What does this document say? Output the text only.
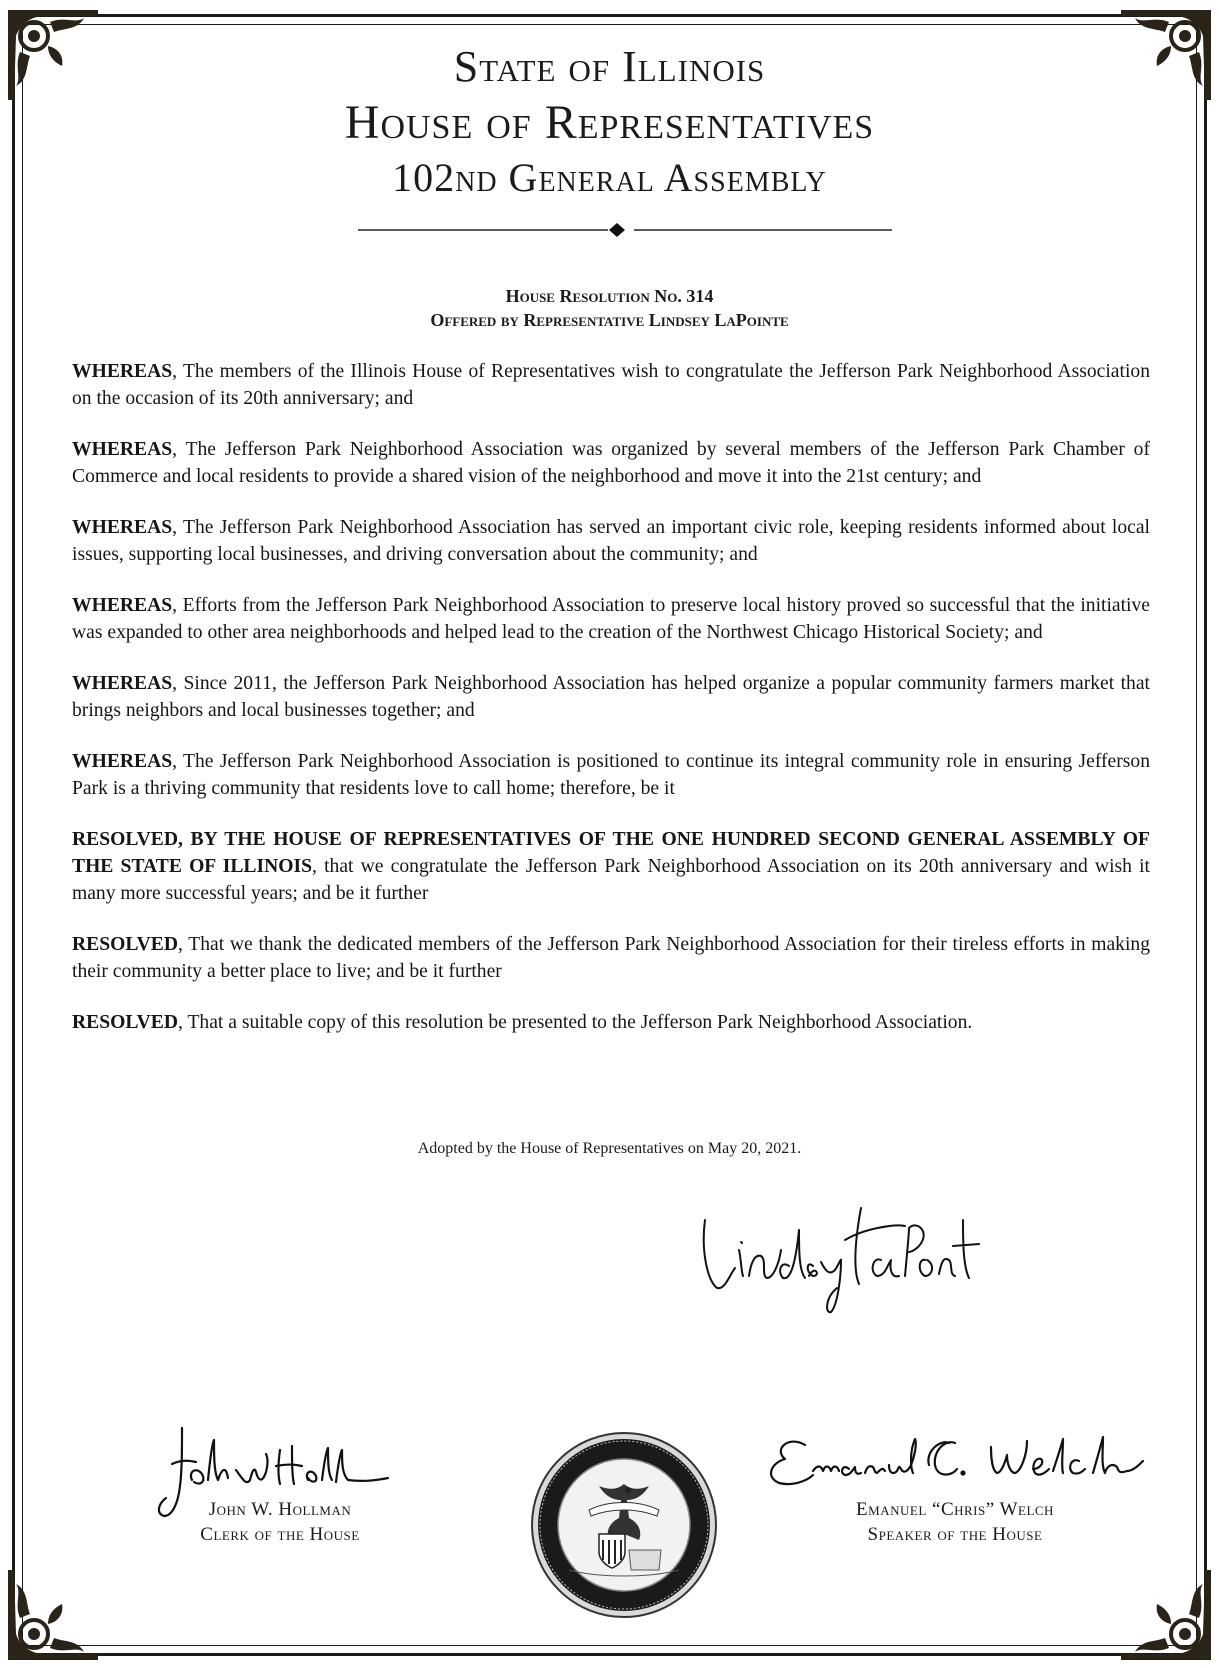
State of Illinois
House of Representatives
102nd General Assembly
House Resolution No. 314
Offered by Representative Lindsey LaPointe

WHEREAS, The members of the Illinois House of Representatives wish to congratulate the Jefferson Park Neighborhood Association on the occasion of its 20th anniversary; and

WHEREAS, The Jefferson Park Neighborhood Association was organized by several members of the Jefferson Park Chamber of Commerce and local residents to provide a shared vision of the neighborhood and move it into the 21st century; and

WHEREAS, The Jefferson Park Neighborhood Association has served an important civic role, keeping residents informed about local issues, supporting local businesses, and driving conversation about the community; and

WHEREAS, Efforts from the Jefferson Park Neighborhood Association to preserve local history proved so successful that the initiative was expanded to other area neighborhoods and helped lead to the creation of the Northwest Chicago Historical Society; and

WHEREAS, Since 2011, the Jefferson Park Neighborhood Association has helped organize a popular community farmers market that brings neighbors and local businesses together; and

WHEREAS, The Jefferson Park Neighborhood Association is positioned to continue its integral community role in ensuring Jefferson Park is a thriving community that residents love to call home; therefore, be it

RESOLVED, BY THE HOUSE OF REPRESENTATIVES OF THE ONE HUNDRED SECOND GENERAL ASSEMBLY OF THE STATE OF ILLINOIS, that we congratulate the Jefferson Park Neighborhood Association on its 20th anniversary and wish it many more successful years; and be it further

RESOLVED, That we thank the dedicated members of the Jefferson Park Neighborhood Association for their tireless efforts in making their community a better place to live; and be it further

RESOLVED, That a suitable copy of this resolution be presented to the Jefferson Park Neighborhood Association.

Adopted by the House of Representatives on May 20, 2021.
John W. Hollman
Clerk of the House
Emanuel “Chris” Welch
Speaker of the House
